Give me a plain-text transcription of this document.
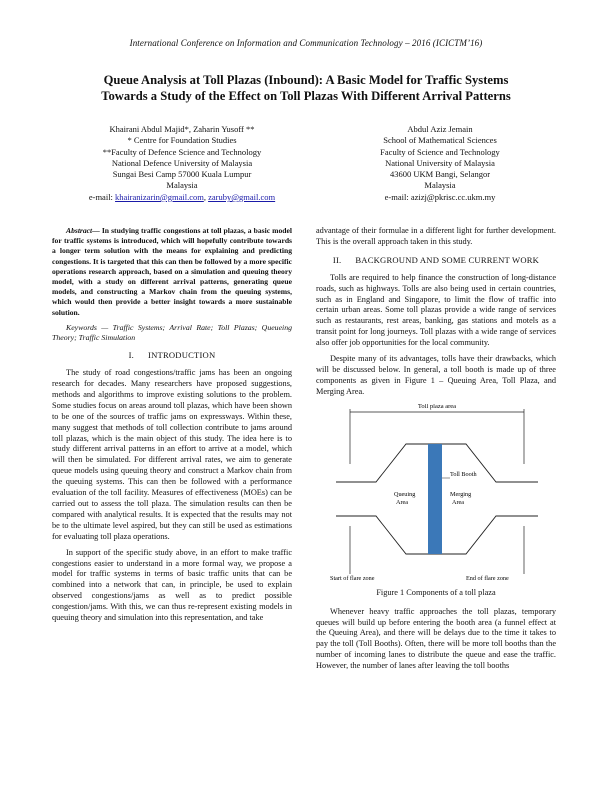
International Conference on Information and Communication Technology – 2016 (ICICTM’16)
Queue Analysis at Toll Plazas (Inbound): A Basic Model for Traffic Systems
Towards a Study of the Effect on Toll Plazas With Different Arrival Patterns
Khairani Abdul Majid*, Zaharin Yusoff **
* Centre for Foundation Studies
**Faculty of Defence Science and Technology
National Defence University of Malaysia
Sungai Besi Camp 57000 Kuala Lumpur
Malaysia
e-mail: khairanizarin@gmail.com, zaruby@gmail.com
Abdul Aziz Jemain
School of Mathematical Sciences
Faculty of Science and Technology
National University of Malaysia
43600 UKM Bangi, Selangor
Malaysia
e-mail: azizj@pkrisc.cc.ukm.my

Abstract— In studying traffic congestions at toll plazas, a basic model for traffic systems is introduced, which will hopefully contribute towards a longer term solution with the means for explaining and predicting congestions. It is targeted that this can then be followed by a more specific operations research approach, based on a simulation and queuing theory model, with a study on different arrival patterns, generating queue models, and constructing a Markov chain from the queuing systems, which would then provide a better insight towards a more sustainable solution.

Keywords — Traffic Systems; Arrival Rate; Toll Plazas; Queueing Theory; Traffic Simulation

I. INTRODUCTION

The study of road congestions/traffic jams has been an ongoing research for decades. Many researchers have proposed suggestions, methods and algorithms to improve existing solutions to the problem. Some studies focus on areas around toll plazas, which have been shown to be one of the sources of traffic jams on expressways. Within these, many suggest that methods of toll collection contribute to jams around toll plazas, which is the main object of this study. The idea here is to study different arrival patterns in an effort to arrive at a model, which will then be simulated. For different arrival rates, we aim to generate queue models using queuing theory and construct a Markov chain from the queuing systems. This can then be followed with a performance evaluation of the toll facility. Measures of effectiveness (MOEs) can be carried out to assess the toll plaza. The simulation results can then be compared with analytical results. It is expected that the results may not be to the ultimate level aspired, but they can still be used as estimations for evaluating toll plaza operations.

In support of the specific study above, in an effort to make traffic congestions easier to understand in a more formal way, we propose a model for traffic systems in terms of basic traffic units that can be combined into a network that can, in principle, be used to explain observed congestions/jams as well as to predict possible congestion/jams. With this, we can thus re-represent existing models in queuing theory and simulation into this representation, and take

advantage of their formulae in a different light for further development. This is the overall approach taken in this study.

II. BACKGROUND AND SOME CURRENT WORK

Tolls are required to help finance the construction of long-distance roads, such as highways. Tolls are also being used in certain countries, such as in England and Singapore, to limit the flow of traffic into certain urban areas. Some toll plazas provide a wide range of services such as restaurants, rest areas, banking, gas stations and motels as a transit point for long journeys. Toll plazas with a wide range of services also offer job opportunities for the local community.

Despite many of its advantages, tolls have their drawbacks, which will be discussed below. In general, a toll booth is made up of three components as given in Figure 1 – Queuing Area, Toll Plaza, and Merging Area.

Toll plaza area
Toll Booth
Queuing
Area
Merging
Area
Start of flare zone	End of flare zone
Figure 1 Components of a toll plaza

Whenever heavy traffic approaches the toll plazas, temporary queues will build up before entering the booth area (a funnel effect at the Queuing Area), and there will be delays due to the time it takes to pay the toll (Toll Booths). Often, there will be more toll booths than the number of incoming lanes to distribute the queue and ease the traffic. However, the number of lanes after leaving the toll booths
